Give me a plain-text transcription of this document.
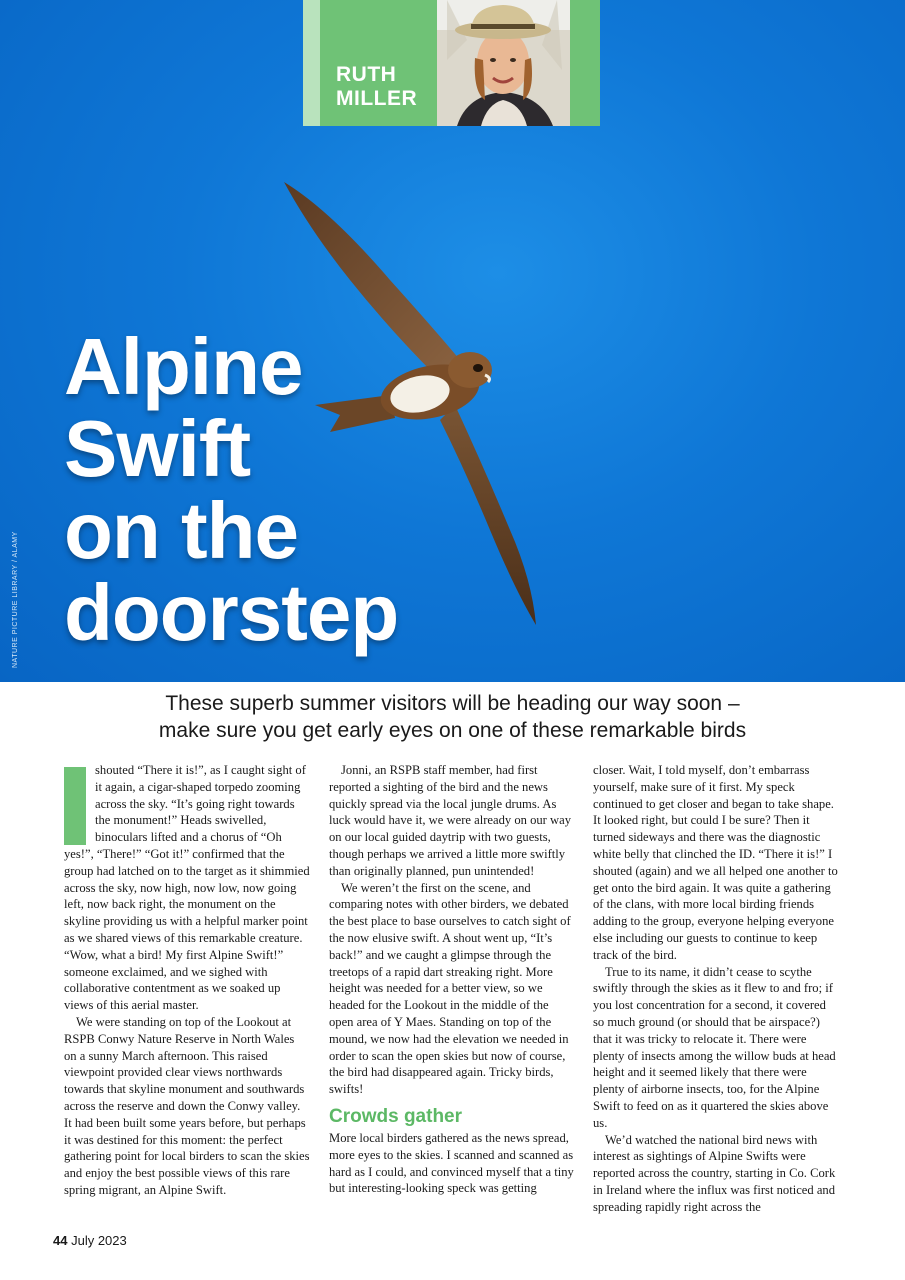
RUTH
MILLER
Alpine
Swift
on the
doorstep
NATURE PICTURE LIBRARY / ALAMY
These superb summer visitors will be heading our way soon –
make sure you get early eyes on one of these remarkable birds

shouted “There it is!”, as I caught sight of it again, a cigar-shaped torpedo zooming across the sky. “It’s going right towards the monument!” Heads swivelled, binoculars lifted and a chorus of “Oh yes!”, “There!” “Got it!” confirmed that the group had latched on to the target as it shimmied across the sky, now high, now low, now going left, now back right, the monument on the skyline providing us with a helpful marker point as we shared views of this remarkable creature. “Wow, what a bird! My first Alpine Swift!” someone exclaimed, and we sighed with collaborative contentment as we soaked up views of this aerial master.

We were standing on top of the Lookout at RSPB Conwy Nature Reserve in North Wales on a sunny March afternoon. This raised viewpoint provided clear views northwards towards that skyline monument and southwards across the reserve and down the Conwy valley. It had been built some years before, but perhaps it was destined for this moment: the perfect gathering point for local birders to scan the skies and enjoy the best possible views of this rare spring migrant, an Alpine Swift.

Jonni, an RSPB staff member, had first reported a sighting of the bird and the news quickly spread via the local jungle drums. As luck would have it, we were already on our way on our local guided daytrip with two guests, though perhaps we arrived a little more swiftly than originally planned, pun unintended!

We weren’t the first on the scene, and comparing notes with other birders, we debated the best place to base ourselves to catch sight of the now elusive swift. A shout went up, “It’s back!” and we caught a glimpse through the treetops of a rapid dart streaking right. More height was needed for a better view, so we headed for the Lookout in the middle of the open area of Y Maes. Standing on top of the mound, we now had the elevation we needed in order to scan the open skies but now of course, the bird had disappeared again. Tricky birds, swifts!

Crowds gather

More local birders gathered as the news spread, more eyes to the skies. I scanned and scanned as hard as I could, and convinced myself that a tiny but interesting-looking speck was getting

closer. Wait, I told myself, don’t embarrass yourself, make sure of it first. My speck continued to get closer and began to take shape. It looked right, but could I be sure? Then it turned sideways and there was the diagnostic white belly that clinched the ID. “There it is!” I shouted (again) and we all helped one another to get onto the bird again. It was quite a gathering of the clans, with more local birding friends adding to the group, everyone helping everyone else including our guests to continue to keep track of the bird.

True to its name, it didn’t cease to scythe swiftly through the skies as it flew to and fro; if you lost concentration for a second, it covered so much ground (or should that be airspace?) that it was tricky to relocate it. There were plenty of insects among the willow buds at head height and it seemed likely that there were plenty of airborne insects, too, for the Alpine Swift to feed on as it quartered the skies above us.

We’d watched the national bird news with interest as sightings of Alpine Swifts were reported across the country, starting in Co. Cork in Ireland where the influx was first noticed and spreading rapidly right across the

44 July 2023
